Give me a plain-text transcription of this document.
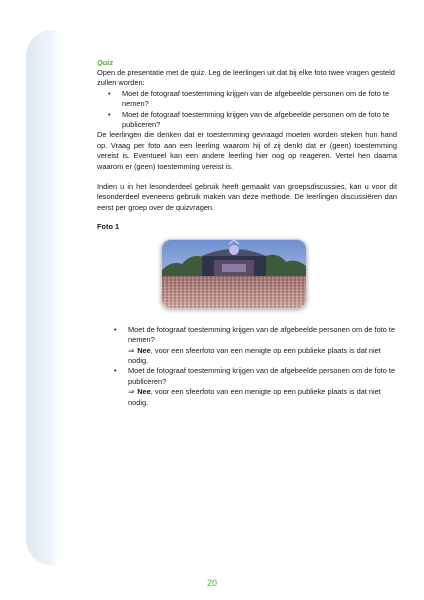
Quiz

Open de presentatie met de quiz. Leg de leerlingen uit dat bij elke foto twee vragen gesteld zullen worden:

• Moet de fotograaf toestemming krijgen van de afgebeelde personen om de foto te nemen?
• Moet de fotograaf toestemming krijgen van de afgebeelde personen om de foto te publiceren?

De leerlingen die denken dat er toestemming gevraagd moeten worden steken hun hand op. Vraag per foto aan een leerling waarom hij of zij denkt dat er (geen) toestemming vereist is. Eventueel kan een andere leerling hier nog op reageren. Vertel hen daarna waarom er (geen) toestemming vereist is.

Indien u in het lesonderdeel gebruik heeft gemaakt van groepsdiscussies, kan u voor dit lesonderdeel eveneens gebruik maken van deze methode. De leerlingen discussiëren dan eerst per groep over de quizvragen.

Foto 1
• Moet de fotograaf toestemming krijgen van de afgebeelde personen om de foto te nemen?
⇒ Nee, voor een sfeerfoto van een menigte op een publieke plaats is dat niet nodig.
• Moet de fotograaf toestemming krijgen van de afgebeelde personen om de foto te publiceren?
⇒ Nee, voor een sfeerfoto van een menigte op een publieke plaats is dat niet nodig.
20
